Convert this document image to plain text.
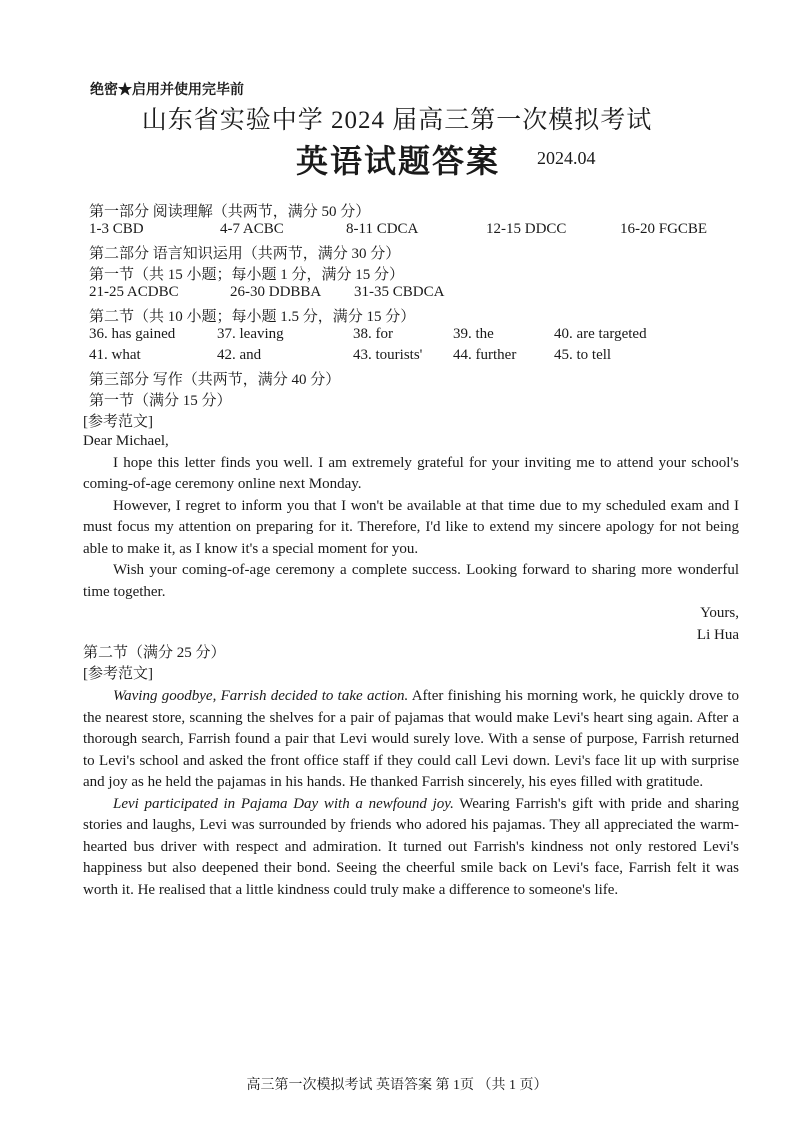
绝密★启用并使用完毕前
山东省实验中学 2024 届高三第一次模拟考试
英语试题答案 2024.04
第一部分 阅读理解（共两节，满分 50 分）
1-3 CBD	4-7 ACBC	8-11 CDCA	12-15 DDCC	16-20 FGCBE
第二部分 语言知识运用（共两节，满分 30 分）
第一节（共 15 小题；每小题 1 分，满分 15 分）
21-25 ACDBC	26-30 DDBBA 31-35 CBDCA
第二节（共 10 小题；每小题 1.5 分，满分 15 分）
36. has gained	37. leaving	38. for	39. the	40. are targeted
41. what	42. and	43. tourists' 44. further	45. to tell
第三部分 写作（共两节，满分 40 分）
第一节（满分 15 分）
[参考范文]

Dear Michael,

I hope this letter finds you well. I am extremely grateful for your inviting me to attend your school's coming-of-age ceremony online next Monday.

However, I regret to inform you that I won't be available at that time due to my scheduled exam and I must focus my attention on preparing for it. Therefore, I'd like to extend my sincere apology for not being able to make it, as I know it's a special moment for you.

Wish your coming-of-age ceremony a complete success. Looking forward to sharing more wonderful time together.

Yours,

Li Hua

第二节（满分 25 分）
[参考范文]

Waving goodbye, Farrish decided to take action. After finishing his morning work, he quickly drove to the nearest store, scanning the shelves for a pair of pajamas that would make Levi's heart sing again. After a thorough search, Farrish found a pair that Levi would surely love. With a sense of purpose, Farrish returned to Levi's school and asked the front office staff if they could call Levi down. Levi's face lit up with surprise and joy as he held the pajamas in his hands. He thanked Farrish sincerely, his eyes filled with gratitude.

Levi participated in Pajama Day with a newfound joy. Wearing Farrish's gift with pride and sharing stories and laughs, Levi was surrounded by friends who adored his pajamas. They all appreciated the warm-hearted bus driver with respect and admiration. It turned out Farrish's kindness not only restored Levi's happiness but also deepened their bond. Seeing the cheerful smile back on Levi's face, Farrish felt it was worth it. He realised that a little kindness could truly make a difference to someone's life.

高三第一次模拟考试 英语答案 第 1页 （共 1 页）
